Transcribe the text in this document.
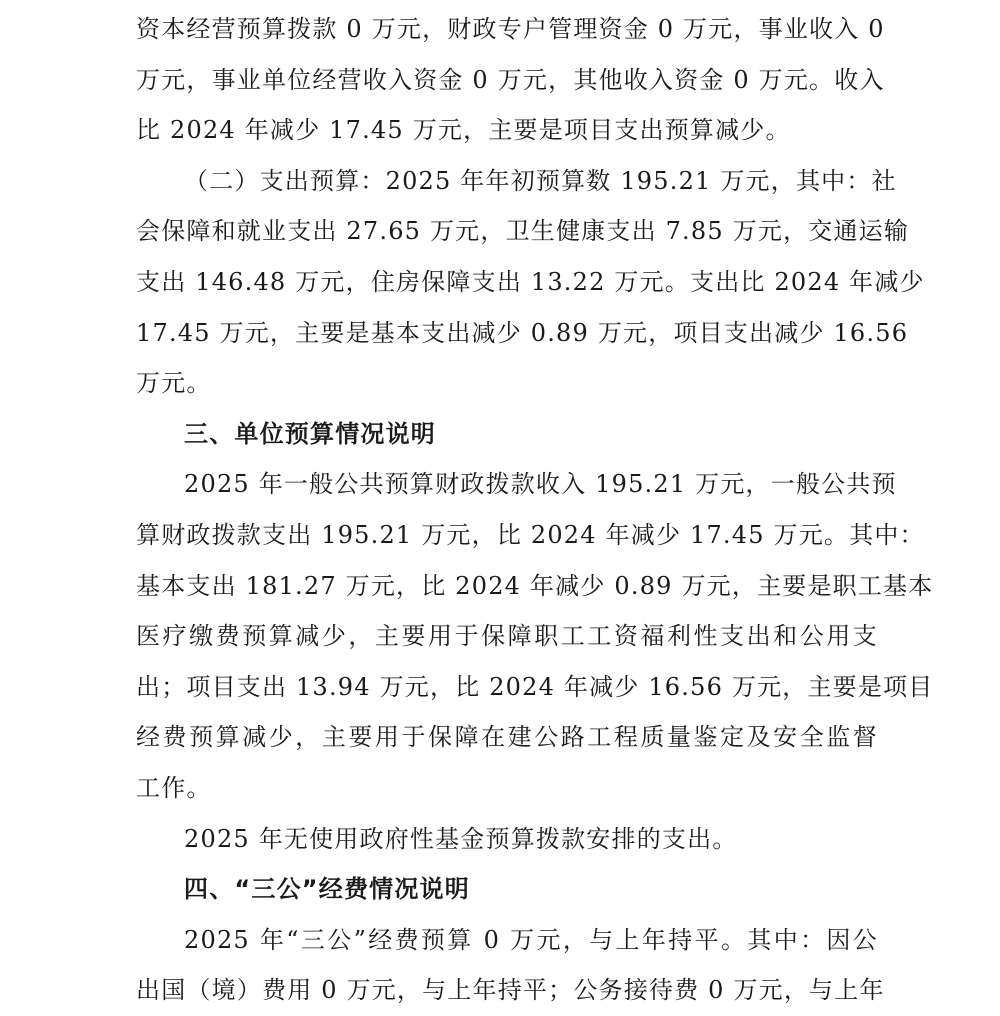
资本经营预算拨款 0 万元，财政专户管理资金 0 万元，事业收入 0
万元，事业单位经营收入资金 0 万元，其他收入资金 0 万元。收入
比 2024 年减少 17.45 万元，主要是项目支出预算减少。

（二）支出预算：2025 年年初预算数 195.21 万元，其中：社
会保障和就业支出 27.65 万元，卫生健康支出 7.85 万元，交通运输
支出 146.48 万元，住房保障支出 13.22 万元。支出比 2024 年减少
17.45 万元，主要是基本支出减少 0.89 万元，项目支出减少 16.56
万元。

三、单位预算情况说明

2025 年一般公共预算财政拨款收入 195.21 万元，一般公共预
算财政拨款支出 195.21 万元，比 2024 年减少 17.45 万元。其中：
基本支出 181.27 万元，比 2024 年减少 0.89 万元，主要是职工基本
医疗缴费预算减少，主要用于保障职工工资福利性支出和公用支
出；项目支出 13.94 万元，比 2024 年减少 16.56 万元，主要是项目
经费预算减少，主要用于保障在建公路工程质量鉴定及安全监督
工作。

2025 年无使用政府性基金预算拨款安排的支出。

四、“三公”经费情况说明

2025 年“三公”经费预算 0 万元，与上年持平。其中：因公
出国（境）费用 0 万元，与上年持平；公务接待费 0 万元，与上年
